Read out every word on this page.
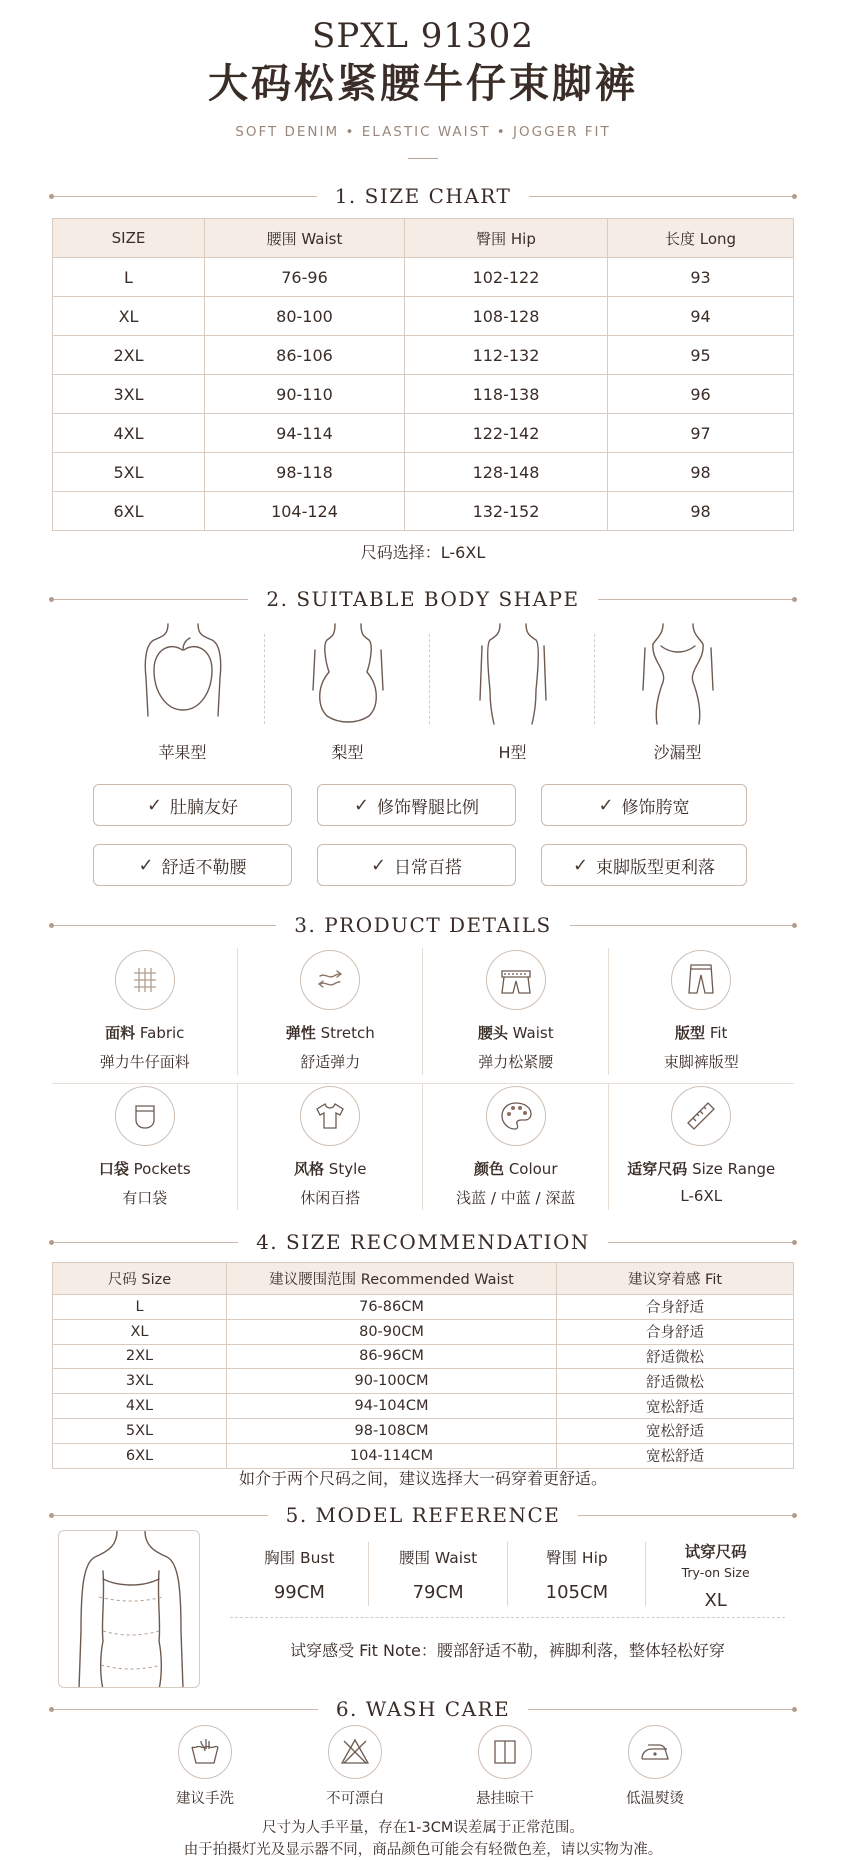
SPXL 91302
大码松紧腰牛仔束脚裤
SOFT DENIM • ELASTIC WAIST • JOGGER FIT
1. SIZE CHART
SIZE	腰围 Waist	臀围 Hip	长度 Long
L	76-96	102-122	93
XL	80-100	108-128	94
2XL	86-106	112-132	95
3XL	90-110	118-138	96
4XL	94-114	122-142	97
5XL	98-118	128-148	98
6XL	104-124	132-152	98
尺码选择：L-6XL
2. SUITABLE BODY SHAPE
苹果型	梨型	H型	沙漏型
✓ 肚腩友好	✓ 修饰臀腿比例	✓ 修饰胯宽
✓ 舒适不勒腰	✓ 日常百搭	✓ 束脚版型更利落
3. PRODUCT DETAILS
面料 Fabric
弹力牛仔面料
弹性 Stretch
舒适弹力
腰头 Waist
弹力松紧腰
版型 Fit
束脚裤版型
口袋 Pockets
有口袋
风格 Style
休闲百搭
颜色 Colour
浅蓝 / 中蓝 / 深蓝
适穿尺码 Size Range
L-6XL
4. SIZE RECOMMENDATION
尺码 Size	建议腰围范围 Recommended Waist	建议穿着感 Fit
L	76-86CM	合身舒适
XL	80-90CM	合身舒适
2XL	86-96CM	舒适微松
3XL	90-100CM	舒适微松
4XL	94-104CM	宽松舒适
5XL	98-108CM	宽松舒适
6XL	104-114CM	宽松舒适
如介于两个尺码之间，建议选择大一码穿着更舒适。
5. MODEL REFERENCE
胸围 Bust
99CM
腰围 Waist
79CM
臀围 Hip
105CM
试穿尺码
Try-on Size
XL
试穿感受 Fit Note：腰部舒适不勒，裤脚利落，整体轻松好穿
6. WASH CARE
建议手洗	不可漂白	悬挂晾干	低温熨烫
尺寸为人手平量，存在1-3CM误差属于正常范围。
由于拍摄灯光及显示器不同，商品颜色可能会有轻微色差，请以实物为准。
